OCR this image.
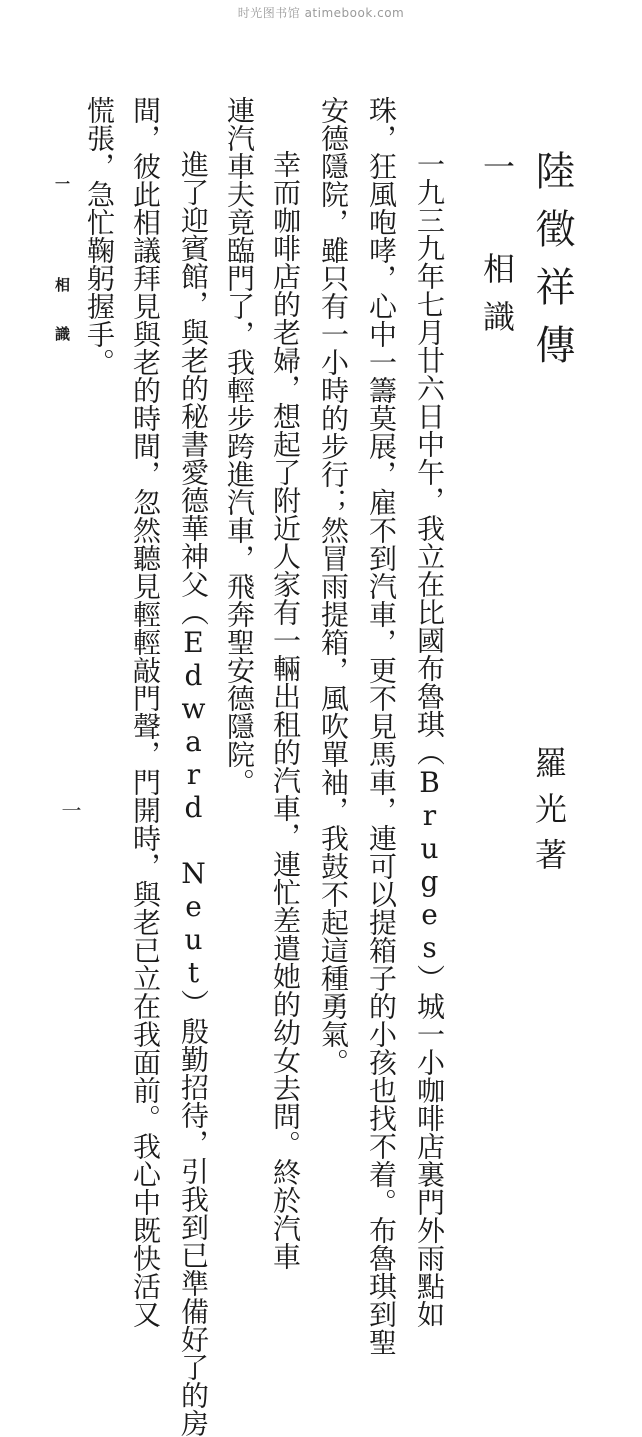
时光图书馆 atimebook.com
陸徵祥傳
羅光著
一 相識
一九三九年七月廿六日中午，我立在比國布魯琪（Bruges）城一小咖啡店裏門外雨點如
珠，狂風咆哮，心中一籌莫展，雇不到汽車，更不見馬車，連可以提箱子的小孩也找不着。布魯琪到聖
安德隱院，雖只有一小時的步行；然冒雨提箱，風吹單袖，我鼓不起這種勇氣。
幸而咖啡店的老婦，想起了附近人家有一輛出租的汽車，連忙差遣她的幼女去問。終於汽車
連汽車夫竟臨門了，我輕步跨進汽車，飛奔聖安德隱院。
進了迎賓館，與老的秘書愛德華神父（Edward Neut）殷勤招待，引我到已準備好了的房
間，彼此相議拜見與老的時間，忽然聽見輕輕敲門聲，門開時，與老已立在我面前。我心中既快活又
慌張，急忙鞠躬握手。
一 相識
一
